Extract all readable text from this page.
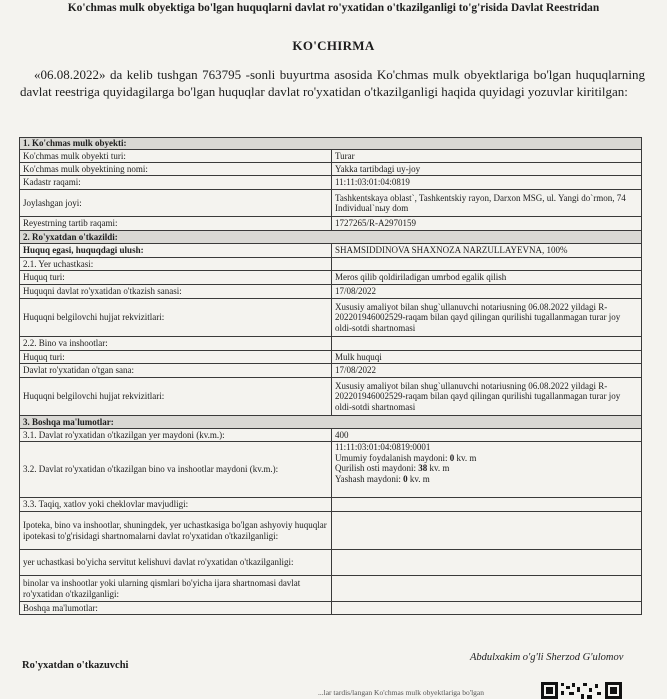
Ko'chmas mulk obyektiga bo'lgan huquqlarni davlat ro'yxatidan o'tkazilganligi to'g'risida Davlat Reestridan
KO'CHIRMA
«06.08.2022» da kelib tushgan 763795 -sonli buyurtma asosida Ko'chmas mulk obyektlariga bo'lgan huquqlarning davlat reestriga quyidagilarga bo'lgan huquqlar davlat ro'yxatidan o'tkazilganligi haqida quyidagi yozuvlar kiritilgan:
1. Ko'chmas mulk obyekti:	
Ko'chmas mulk obyekti turi:	Turar
Ko'chmas mulk obyektining nomi:	Yakka tartibdagi uy-joy
Kadastr raqami:	11:11:03:01:04:0819
Joylashgan joyi:	Tashkentskaya oblast`, Tashkentskiy rayon, Darxon MSG, ul. Yangi do`rmon, 74 Individual`nыy dom
Reyestrning tartib raqami:	1727265/R-A2970159
2. Ro'yxatdan o'tkazildi:	
Huquq egasi, huquqdagi ulush:	SHAMSIDDINOVA SHAXNOZA NARZULLAYEVNA, 100%
2.1. Yer uchastkasi:	
Huquq turi:	Meros qilib qoldiriladigan umrbod egalik qilish
Huquqni davlat ro'yxatidan o'tkazish sanasi:	17/08/2022
Huquqni belgilovchi hujjat rekvizitlari:	Xususiy amaliyot bilan shug`ullanuvchi notariusning 06.08.2022 yildagi R-202201946002529-raqam bilan qayd qilingan qurilishi tugallanmagan turar joy oldi-sotdi shartnomasi
2.2. Bino va inshootlar:	
Huquq turi:	Mulk huquqi
Davlat ro'yxatidan o'tgan sana:	17/08/2022
Huquqni belgilovchi hujjat rekvizitlari:	Xususiy amaliyot bilan shug`ullanuvchi notariusning 06.08.2022 yildagi R-202201946002529-raqam bilan qayd qilingan qurilishi tugallanmagan turar joy oldi-sotdi shartnomasi
3. Boshqa ma'lumotlar:	
3.1. Davlat ro'yxatidan o'tkazilgan yer maydoni (kv.m.):	400
3.2. Davlat ro'yxatidan o'tkazilgan bino va inshootlar maydoni (kv.m.):	11:11:03:01:04:0819:0001
Umumiy foydalanish maydoni: 0 kv. m
Qurilish osti maydoni: 38 kv. m
Yashash maydoni: 0 kv. m

3.3. Taqiq, xatlov yoki cheklovlar mavjudligi:	
Ipoteka, bino va inshootlar, shuningdek, yer uchastkasiga bo'lgan ashyoviy huquqlar ipotekasi to'g'risidagi shartnomalarni davlat ro'yxatidan o'tkazilganligi:	
yer uchastkasi bo'yicha servitut kelishuvi davlat ro'yxatidan o'tkazilganligi:	
binolar va inshootlar yoki ularning qismlari bo'yicha ijara shartnomasi davlat ro'yxatidan o'tkazilganligi:	
Boshqa ma'lumotlar:	
Ro'yxatdan o'tkazuvchi
Abdulxakim o'g'li Sherzod G'ulomov
...lar tardis/langan Ko'chmas mulk obyektlariga bo'lgan
